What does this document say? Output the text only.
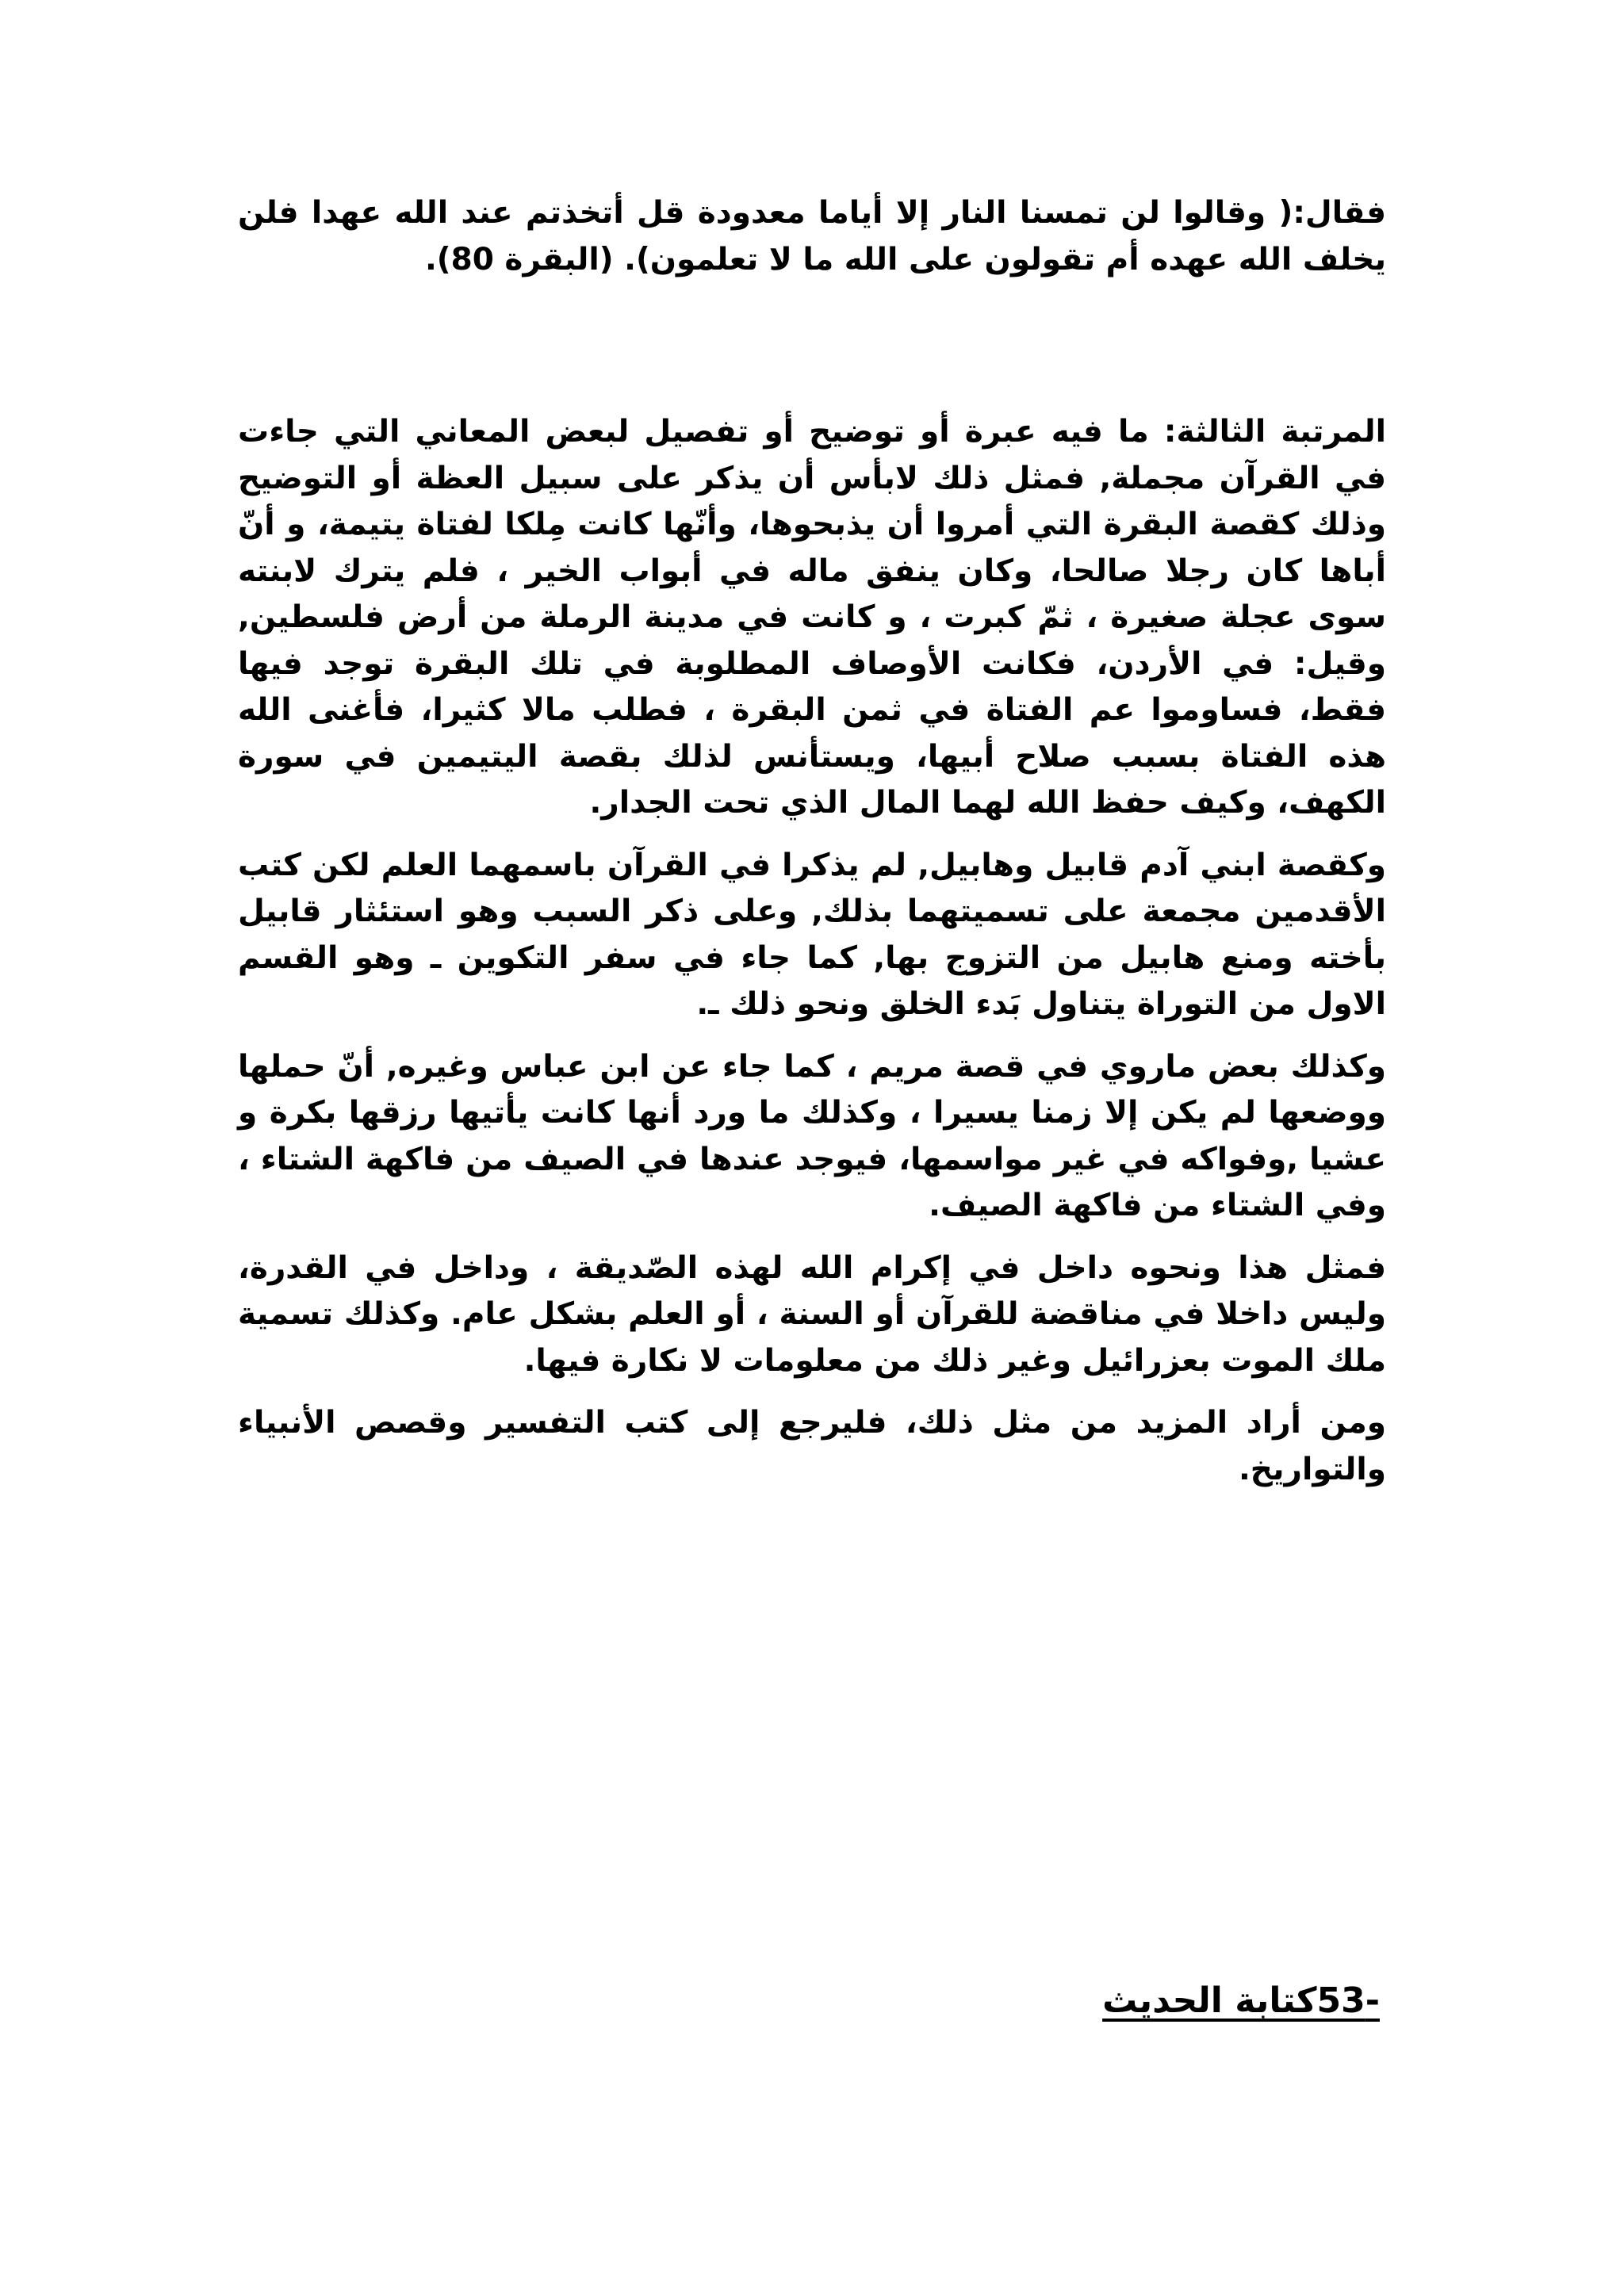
فقال:( وقالوا لن تمسنا النار إلا أياما معدودة قل أتخذتم عند الله عهدا فلن يخلف الله عهده أم تقولون على الله ما لا تعلمون). (البقرة 80).

المرتبة الثالثة: ما فيه عبرة أو توضيح أو تفصيل لبعض المعاني التي جاءت في القرآن مجملة, فمثل ذلك لابأس أن يذكر على سبيل العظة أو التوضيح وذلك كقصة البقرة التي أمروا أن يذبحوها، وأنّها كانت مِلكا لفتاة يتيمة، و أنّ أباها كان رجلا صالحا، وكان ينفق ماله في أبواب الخير ، فلم يترك لابنته سوى عجلة صغيرة ، ثمّ كبرت ، و كانت في مدينة الرملة من أرض فلسطين, وقيل: في الأردن، فكانت الأوصاف المطلوبة في تلك البقرة توجد فيها فقط، فساوموا عم الفتاة في ثمن البقرة ، فطلب مالا كثيرا، فأغنى الله هذه الفتاة بسبب صلاح أبيها، ويستأنس لذلك بقصة اليتيمين في سورة الكهف، وكيف حفظ الله لهما المال الذي تحت الجدار.

وكقصة ابني آدم قابيل وهابيل, لم يذكرا في القرآن باسمهما العلم لكن كتب الأقدمين مجمعة على تسميتهما بذلك, وعلى ذكر السبب وهو استئثار قابيل بأخته ومنع هابيل من التزوج بها, كما جاء في سفر التكوين ـ وهو القسم الاول من التوراة يتناول بَدء الخلق ونحو ذلك ـ.

وكذلك بعض ماروي في قصة مريم ، كما جاء عن ابن عباس وغيره, أنّ حملها ووضعها لم يكن إلا زمنا يسيرا ، وكذلك ما ورد أنها كانت يأتيها رزقها بكرة و عشيا ,وفواكه في غير مواسمها، فيوجد عندها في الصيف من فاكهة الشتاء ، وفي الشتاء من فاكهة الصيف.

فمثل هذا ونحوه داخل في إكرام الله لهذه الصّديقة ، وداخل في القدرة، وليس داخلا في مناقضة للقرآن أو السنة ، أو العلم بشكل عام. وكذلك تسمية ملك الموت بعزرائيل وغير ذلك من معلومات لا نكارة فيها.

ومن أراد المزيد من مثل ذلك، فليرجع إلى كتب التفسير وقصص الأنبياء والتواريخ.

-53كتابة الحديث
